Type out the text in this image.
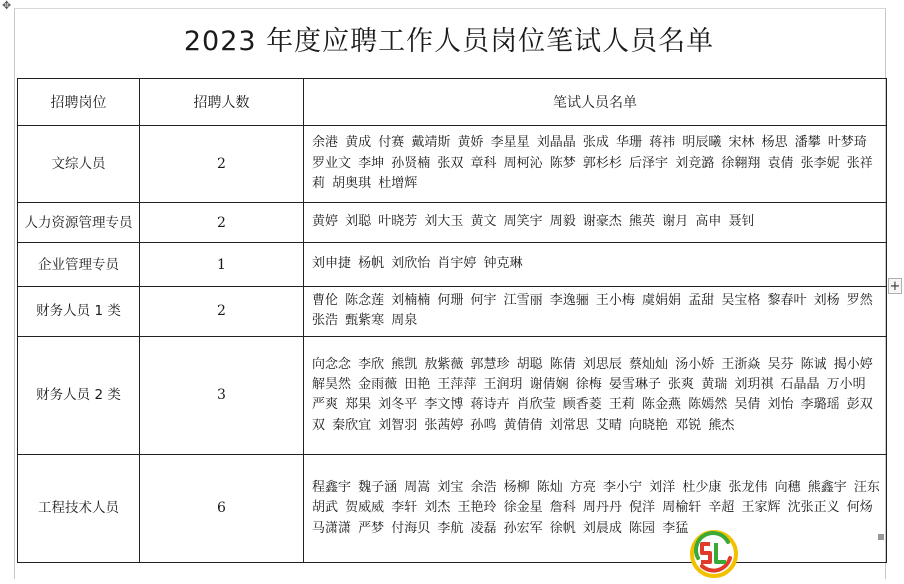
✥
2023 年度应聘工作人员岗位笔试人员名单
招聘岗位	招聘人数	笔试人员名单
文综人员	2	余港 黄成 付赛 戴靖斯 黄娇 李星星 刘晶晶 张成 华珊 蒋祎 明辰曦 宋林 杨思 潘攀 叶梦琦 罗业文 李坤 孙贤楠 张双 章科 周柯沁 陈梦 郭杉杉 后泽宇 刘竞潞 徐翱翔 袁倩 张李妮 张祥莉 胡奥琪 杜增辉
人力资源管理专员	2	黄婷 刘聪 叶晓芳 刘大玉 黄文 周笑宇 周毅 谢豪杰 熊英 谢月 高申 聂钊
企业管理专员	1	刘申捷 杨帆 刘欣怡 肖宇婷 钟克琳
财务人员 1 类	2	曹伦 陈念莲 刘楠楠 何珊 何宇 江雪丽 李逸骊 王小梅 虞娟娟 孟甜 吴宝格 黎春叶 刘杨 罗然 张浩 甄紫寒 周泉
财务人员 2 类	3	向念念 李欣 熊凯 敖紫薇 郭慧珍 胡聪 陈倩 刘思辰 蔡灿灿 汤小娇 王浙焱 吴芬 陈诚 揭小婷 解昊然 金雨薇 田艳 王萍萍 王润玥 谢倩娴 徐梅 晏雪琳子 张爽 黄瑞 刘玥祺 石晶晶 万小明 严爽 郑果 刘冬平 李文博 蒋诗卉 肖欣莹 顾香菱 王莉 陈金燕 陈嫣然 吴倩 刘怡 李璐瑶 彭双双 秦欣宜 刘智羽 张茜婷 孙鸣 黄倩倩 刘常思 艾晴 向晓艳 邓锐 熊杰
工程技术人员	6	程鑫宇 魏子涵 周嵩 刘宝 余浩 杨柳 陈灿 方亮 李小宁 刘洋 杜少康 张龙伟 向穗 熊鑫宇 汪东 胡武 贺威威 李轩 刘杰 王艳玲 徐金星 詹科 周丹丹 倪洋 周榆轩 辛超 王家辉 沈张正义 何炀 马潇潇 严梦 付海贝 李航 凌磊 孙宏军 徐帆 刘晨成 陈园 李猛
+
